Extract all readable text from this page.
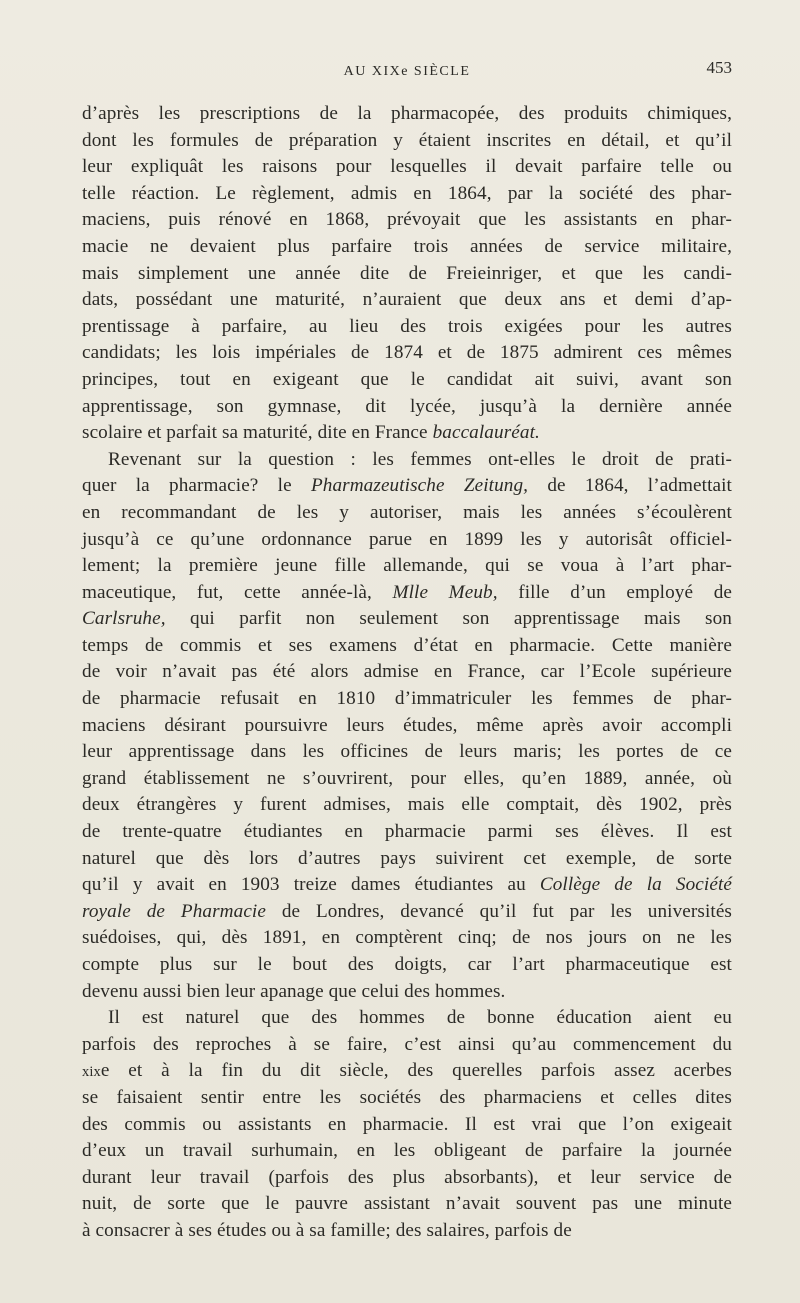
AU XIXe SIÈCLE	453
d’après les prescriptions de la pharmacopée, des produits chimiques,
dont les formules de préparation y étaient inscrites en détail, et qu’il
leur expliquât les raisons pour lesquelles il devait parfaire telle ou
telle réaction. Le règlement, admis en 1864, par la société des phar-
maciens, puis rénové en 1868, prévoyait que les assistants en phar-
macie ne devaient plus parfaire trois années de service militaire,
mais simplement une année dite de Freieinriger, et que les candi-
dats, possédant une maturité, n’auraient que deux ans et demi d’ap-
prentissage à parfaire, au lieu des trois exigées pour les autres
candidats; les lois impériales de 1874 et de 1875 admirent ces mêmes
principes, tout en exigeant que le candidat ait suivi, avant son
apprentissage, son gymnase, dit lycée, jusqu’à la dernière année
scolaire et parfait sa maturité, dite en France baccalauréat.
Revenant sur la question : les femmes ont-elles le droit de prati-
quer la pharmacie? le Pharmazeutische Zeitung, de 1864, l’admettait
en recommandant de les y autoriser, mais les années s’écoulèrent
jusqu’à ce qu’une ordonnance parue en 1899 les y autorisât officiel-
lement; la première jeune fille allemande, qui se voua à l’art phar-
maceutique, fut, cette année-là, Mlle Meub, fille d’un employé de
Carlsruhe, qui parfit non seulement son apprentissage mais son
temps de commis et ses examens d’état en pharmacie. Cette manière
de voir n’avait pas été alors admise en France, car l’Ecole supérieure
de pharmacie refusait en 1810 d’immatriculer les femmes de phar-
maciens désirant poursuivre leurs études, même après avoir accompli
leur apprentissage dans les officines de leurs maris; les portes de ce
grand établissement ne s’ouvrirent, pour elles, qu’en 1889, année, où
deux étrangères y furent admises, mais elle comptait, dès 1902, près
de trente-quatre étudiantes en pharmacie parmi ses élèves. Il est
naturel que dès lors d’autres pays suivirent cet exemple, de sorte
qu’il y avait en 1903 treize dames étudiantes au Collège de la Société
royale de Pharmacie de Londres, devancé qu’il fut par les universités
suédoises, qui, dès 1891, en comptèrent cinq; de nos jours on ne les
compte plus sur le bout des doigts, car l’art pharmaceutique est
devenu aussi bien leur apanage que celui des hommes.
Il est naturel que des hommes de bonne éducation aient eu
parfois des reproches à se faire, c’est ainsi qu’au commencement du
xixe et à la fin du dit siècle, des querelles parfois assez acerbes
se faisaient sentir entre les sociétés des pharmaciens et celles dites
des commis ou assistants en pharmacie. Il est vrai que l’on exigeait
d’eux un travail surhumain, en les obligeant de parfaire la journée
durant leur travail (parfois des plus absorbants), et leur service de
nuit, de sorte que le pauvre assistant n’avait souvent pas une minute
à consacrer à ses études ou à sa famille; des salaires, parfois de
